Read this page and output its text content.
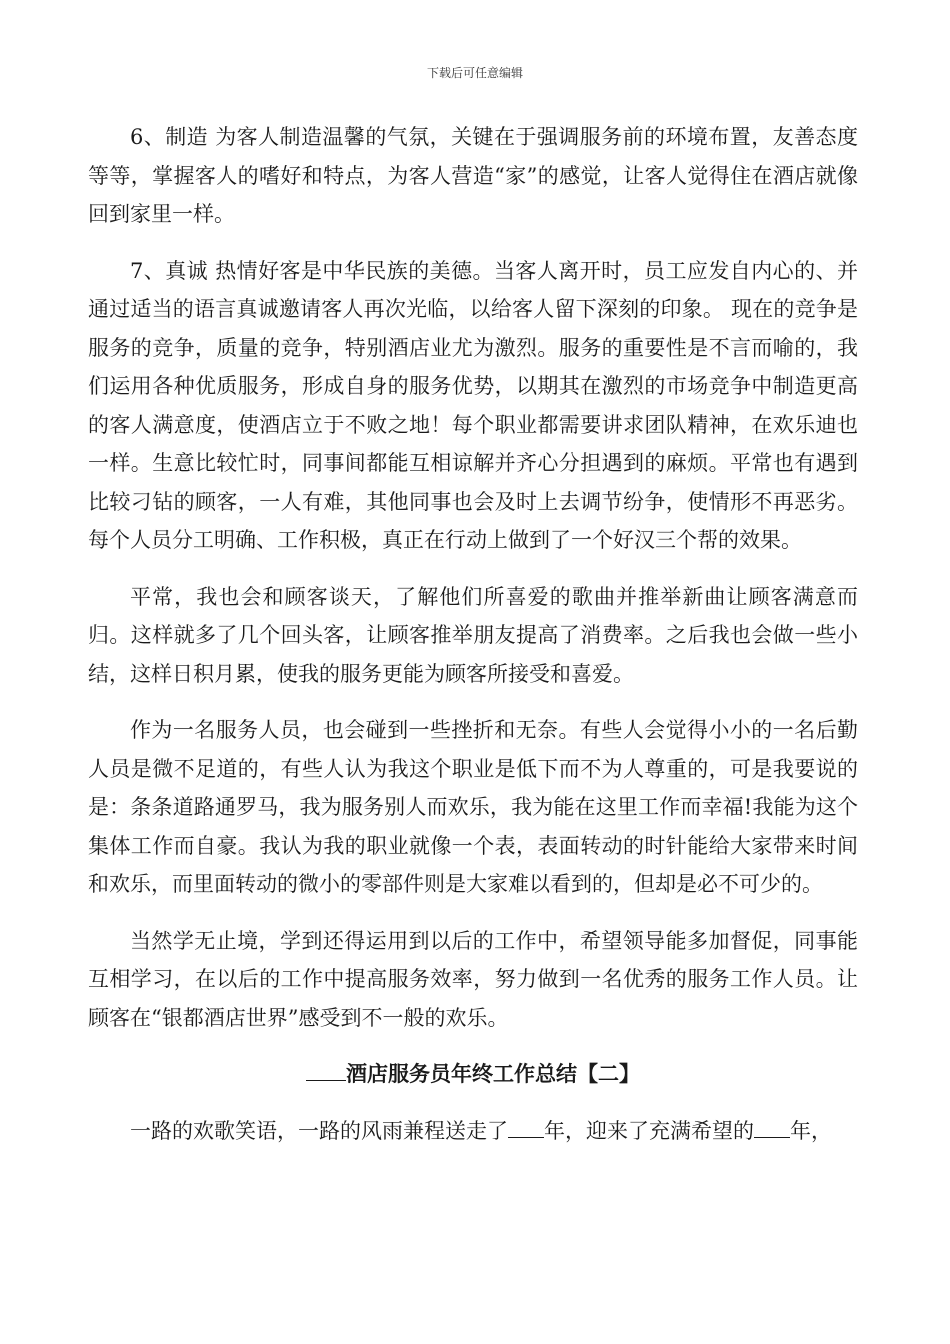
下载后可任意编辑

6、制造 为客人制造温馨的气氛，关键在于强调服务前的环境布置，友善态度等等，掌握客人的嗜好和特点，为客人营造“家”的感觉，让客人觉得住在酒店就像回到家里一样。

7、真诚 热情好客是中华民族的美德。当客人离开时，员工应发自内心的、并通过适当的语言真诚邀请客人再次光临，以给客人留下深刻的印象。 现在的竞争是服务的竞争，质量的竞争，特别酒店业尤为激烈。服务的重要性是不言而喻的，我们运用各种优质服务，形成自身的服务优势，以期其在激烈的市场竞争中制造更高的客人满意度，使酒店立于不败之地！每个职业都需要讲求团队精神，在欢乐迪也一样。生意比较忙时，同事间都能互相谅解并齐心分担遇到的麻烦。平常也有遇到比较刁钻的顾客，一人有难，其他同事也会及时上去调节纷争，使情形不再恶劣。每个人员分工明确、工作积极，真正在行动上做到了一个好汉三个帮的效果。

平常，我也会和顾客谈天，了解他们所喜爱的歌曲并推举新曲让顾客满意而归。这样就多了几个回头客，让顾客推举朋友提高了消费率。之后我也会做一些小结，这样日积月累，使我的服务更能为顾客所接受和喜爱。

作为一名服务人员，也会碰到一些挫折和无奈。有些人会觉得小小的一名后勤人员是微不足道的，有些人认为我这个职业是低下而不为人尊重的，可是我要说的是：条条道路通罗马，我为服务别人而欢乐，我为能在这里工作而幸福!我能为这个集体工作而自豪。我认为我的职业就像一个表，表面转动的时针能给大家带来时间和欢乐，而里面转动的微小的零部件则是大家难以看到的，但却是必不可少的。

当然学无止境，学到还得运用到以后的工作中，希望领导能多加督促，同事能互相学习，在以后的工作中提高服务效率，努力做到一名优秀的服务工作人员。让顾客在“银都酒店世界”感受到不一般的欢乐。

酒店服务员年终工作总结【二】

一路的欢歌笑语，一路的风雨兼程送走了 年，迎来了充满希望的 年，
